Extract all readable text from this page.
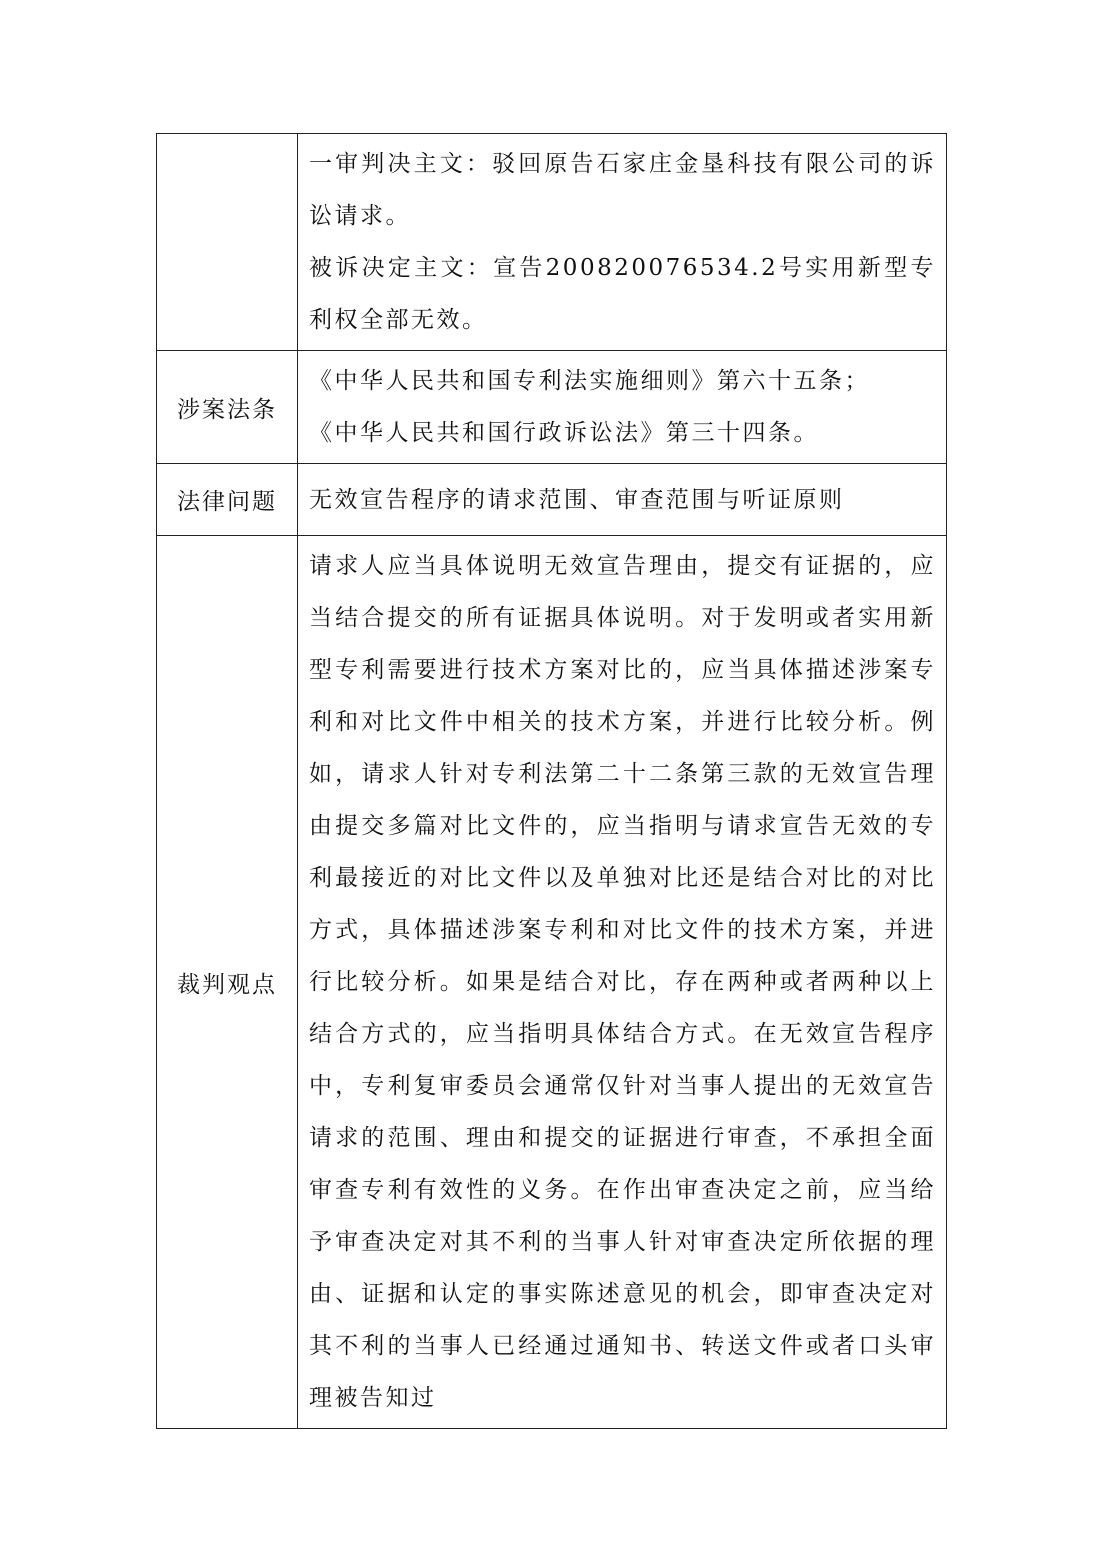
	一审判决主文：驳回原告石家庄金垦科技有限公司的诉讼请求。

被诉决定主文：宣告200820076534.2号实用新型专利权全部无效。

涉案法条	《中华人民共和国专利法实施细则》第六十五条；

《中华人民共和国行政诉讼法》第三十四条。

法律问题	无效宣告程序的请求范围、审查范围与听证原则

裁判观点	请求人应当具体说明无效宣告理由，提交有证据的，应当结合提交的所有证据具体说明。对于发明或者实用新型专利需要进行技术方案对比的，应当具体描述涉案专利和对比文件中相关的技术方案，并进行比较分析。例如，请求人针对专利法第二十二条第三款的无效宣告理由提交多篇对比文件的，应当指明与请求宣告无效的专利最接近的对比文件以及单独对比还是结合对比的对比方式，具体描述涉案专利和对比文件的技术方案，并进行比较分析。如果是结合对比，存在两种或者两种以上结合方式的，应当指明具体结合方式。在无效宣告程序中，专利复审委员会通常仅针对当事人提出的无效宣告请求的范围、理由和提交的证据进行审查，不承担全面审查专利有效性的义务。在作出审查决定之前，应当给予审查决定对其不利的当事人针对审查决定所依据的理由、证据和认定的事实陈述意见的机会，即审查决定对其不利的当事人已经通过通知书、转送文件或者口头审理被告知过
